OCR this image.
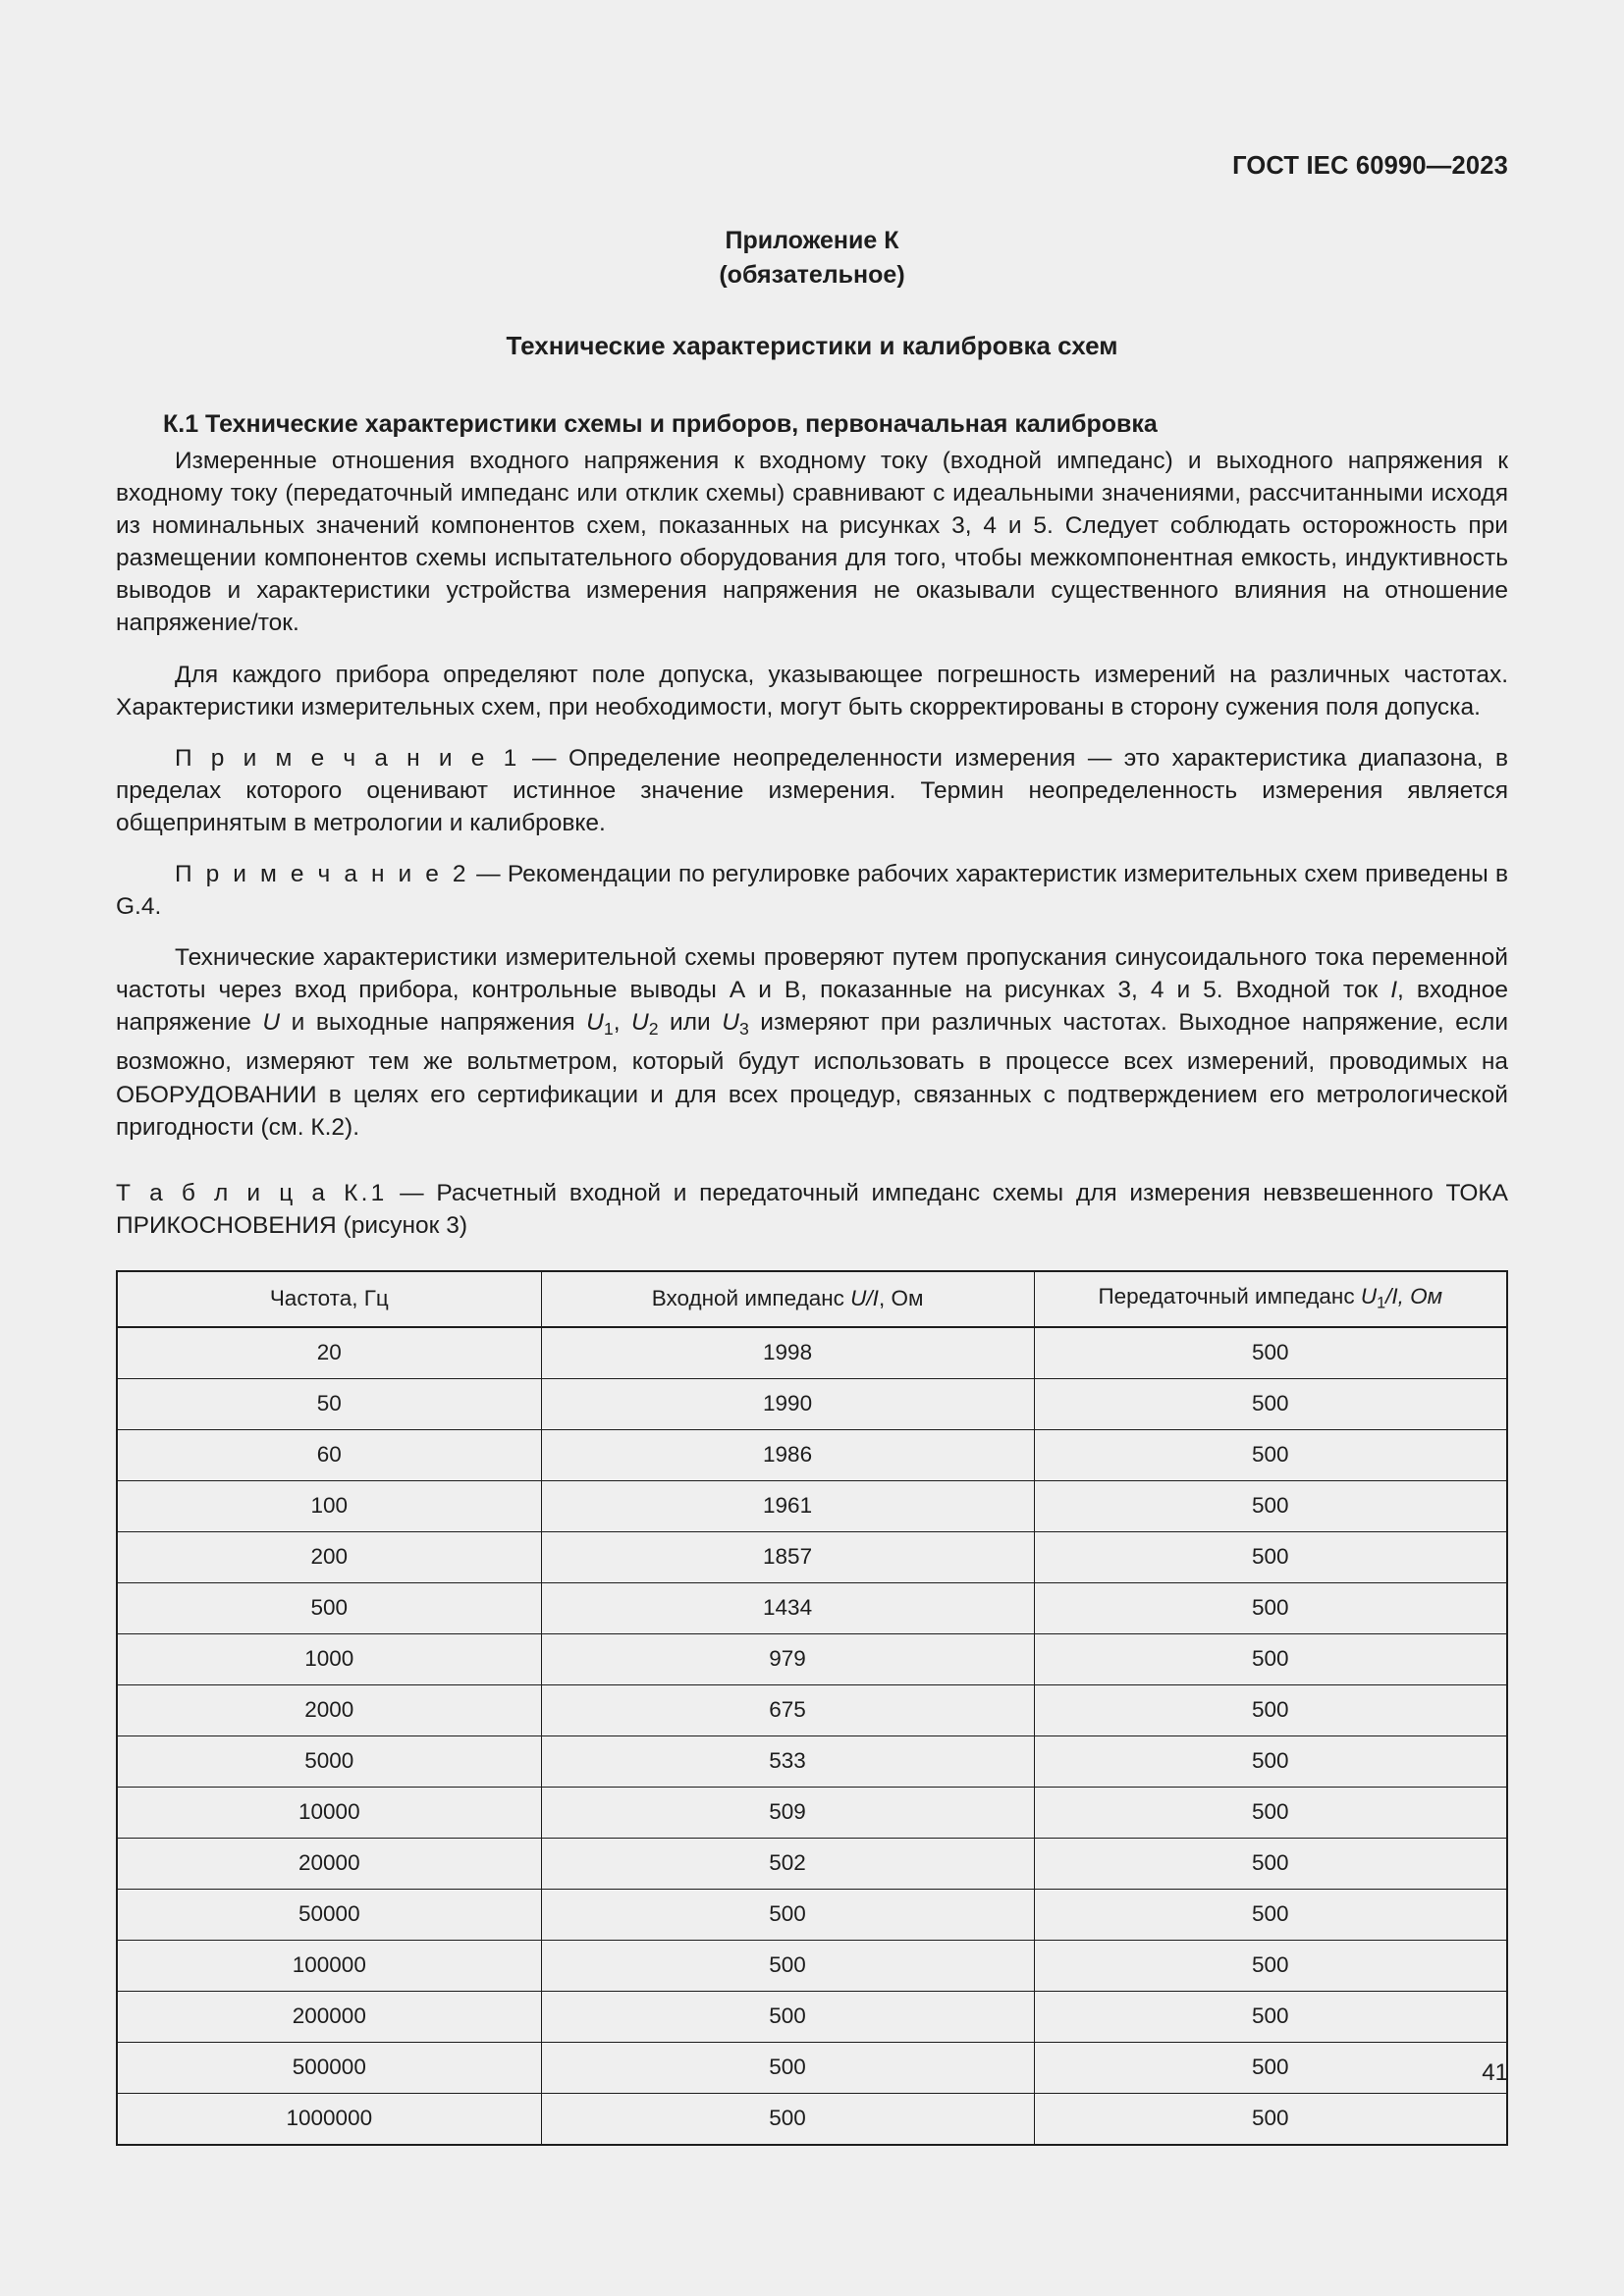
ГОСТ IEC 60990—2023
Приложение К
(обязательное)
Технические характеристики и калибровка схем
К.1 Технические характеристики схемы и приборов, первоначальная калибровка

Измеренные отношения входного напряжения к входному току (входной импеданс) и выходного напряжения к входному току (передаточный импеданс или отклик схемы) сравнивают с идеальными значениями, рассчитанными исходя из номинальных значений компонентов схем, показанных на рисунках 3, 4 и 5. Следует соблюдать осторожность при размещении компонентов схемы испытательного оборудования для того, чтобы межкомпонентная емкость, индуктивность выводов и характеристики устройства измерения напряжения не оказывали существенного влияния на отношение напряжение/ток.

Для каждого прибора определяют поле допуска, указывающее погрешность измерений на различных частотах. Характеристики измерительных схем, при необходимости, могут быть скорректированы в сторону сужения поля допуска.

П р и м е ч а н и е 1 — Определение неопределенности измерения — это характеристика диапазона, в пределах которого оценивают истинное значение измерения. Термин неопределенность измерения является общепринятым в метрологии и калибровке.

П р и м е ч а н и е 2 — Рекомендации по регулировке рабочих характеристик измерительных схем приведены в G.4.

Технические характеристики измерительной схемы проверяют путем пропускания синусоидального тока переменной частоты через вход прибора, контрольные выводы А и В, показанные на рисунках 3, 4 и 5. Входной ток I, входное напряжение U и выходные напряжения $U_1$, $U_2$ или $U_3$ измеряют при различных частотах. Выходное напряжение, если возможно, измеряют тем же вольтметром, который будут использовать в процессе всех измерений, проводимых на ОБОРУДОВАНИИ в целях его сертификации и для всех процедур, связанных с подтверждением его метрологической пригодности (см. К.2).

Т а б л и ц а К.1 — Расчетный входной и передаточный импеданс схемы для измерения невзвешенного ТОКА ПРИКОСНОВЕНИЯ (рисунок 3)

Частота, Гц	Входной импеданс U/I, Ом	Передаточный импеданс $U_1/I$, Ом
20	1998	500
50	1990	500
60	1986	500
100	1961	500
200	1857	500
500	1434	500
1000	979	500
2000	675	500
5000	533	500
10000	509	500
20000	502	500
50000	500	500
100000	500	500
200000	500	500
500000	500	500
1000000	500	500
41
